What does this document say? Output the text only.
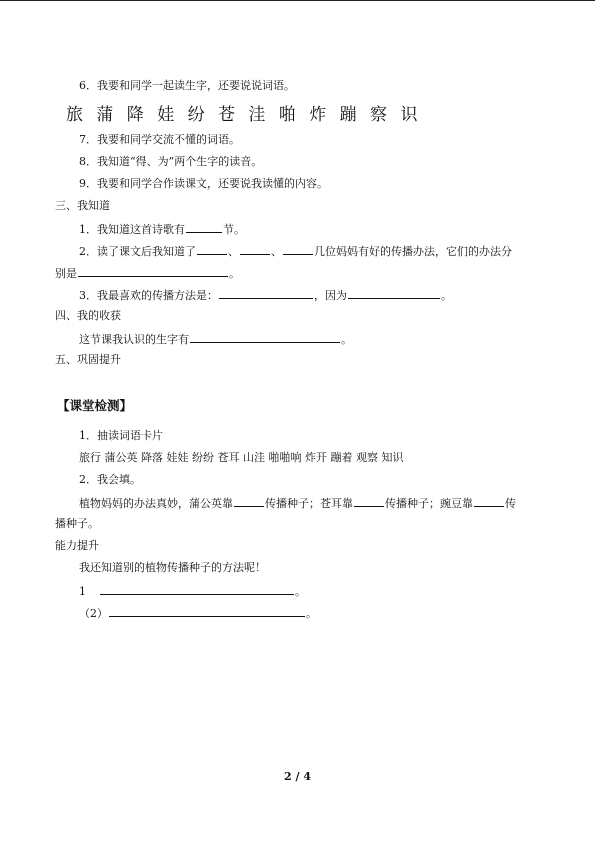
6．我要和同学一起读生字，还要说说词语。
旅 蒲 降 娃 纷 苍 洼 啪 炸 蹦 察 识
7．我要和同学交流不懂的词语。
8．我知道“得、为”两个生字的读音。
9．我要和同学合作读课文，还要说我读懂的内容。
三、我知道
1．我知道这首诗歌有	节。
2．读了课文后我知道了	、	、	几位妈妈有好的传播办法，它们的办法分
别是	。
3．我最喜欢的传播方法是：	，因为	。
四、我的收获
这节课我认识的生字有	。
五、巩固提升
【课堂检测】
1．抽读词语卡片
旅行 蒲公英 降落 娃娃 纷纷 苍耳 山洼 啪啪响 炸开 蹦着 观察 知识
2．我会填。
植物妈妈的办法真妙，蒲公英靠	传播种子；苍耳靠	传播种子；豌豆靠	传
播种子。
能力提升
我还知道别的植物传播种子的方法呢！
1	。
（2）	。
2 / 4
